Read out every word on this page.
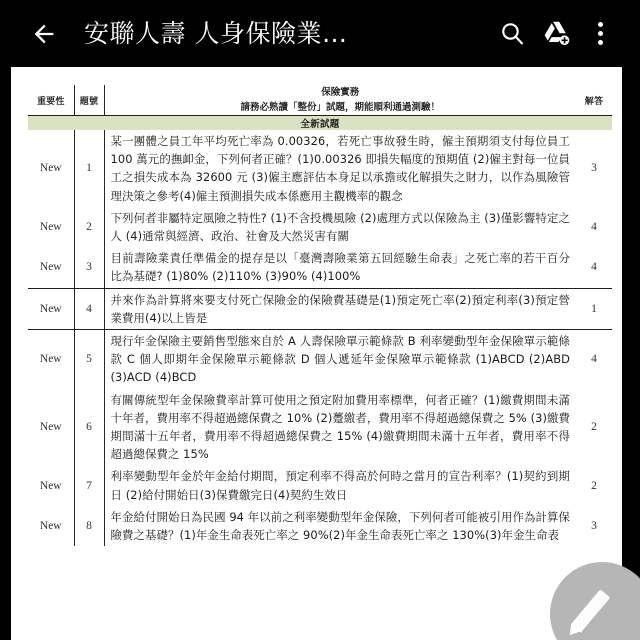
安聯人壽 人身保險業…
重要性	題號	保險實務
請務必熟讀「整份」試題，期能順利通過測驗！	解答

全新試題			
New	1	某一團體之員工年平均死亡率為 0.00326，若死亡事故發生時，僱主預期須支付每位員工 100 萬元的撫卹金，下列何者正確？(1)0.00326 即損失幅度的預期值 (2)僱主對每一位員工之損失成本為 32600 元 (3)僱主應評估本身足以承擔或化解損失之財力，以作為風險管理決策之參考(4)僱主預測損失成本係應用主觀機率的觀念	3
New	2	下列何者非屬特定風險之特性? (1)不含投機風險 (2)處理方式以保險為主 (3)僅影響特定之人 (4)通常與經濟、政治、社會及大然災害有關	4
New	3	目前壽險業責任準備金的提存是以「臺灣壽險業第五回經驗生命表」之死亡率的若干百分比為基礎? (1)80% (2)110% (3)90% (4)100%	4

New	4	并來作為計算將來要支付死亡保險金的保險費基礎是(1)預定死亡率(2)預定利率(3)預定營業費用(4)以上皆是	1

New	5	現行年金保險主要銷售型態來自於 A 人壽保險單示範條款 B 利率變動型年金保險單示範條款 C 個人即期年金保險單示範條款 D 個人遞延年金保險單示範條款 (1)ABCD (2)ABD (3)ACD (4)BCD	4
New	6	有關傳統型年金保險費率計算可使用之預定附加費用率標準，何者正確？(1)繳費期間未滿十年者，費用率不得超過總保費之 10% (2)躉繳者，費用率不得超過總保費之 5% (3)繳費期間滿十五年者，費用率不得超過總保費之 15% (4)繳費期間未滿十五年者，費用率不得超過總保費之 15%	2
New	7	利率變動型年金於年金給付期間，預定利率不得高於何時之當月的宣告利率？(1)契約到期日 (2)給付開始日(3)保費繳完日(4)契約生效日	2
New	8	年金給付開始日為民國 94 年以前之利率變動型年金保險，下列何者可能被引用作為計算保險費之基礎？(1)年金生命表死亡率之 90%(2)年金生命表死亡率之 130%(3)年金生命表	3
